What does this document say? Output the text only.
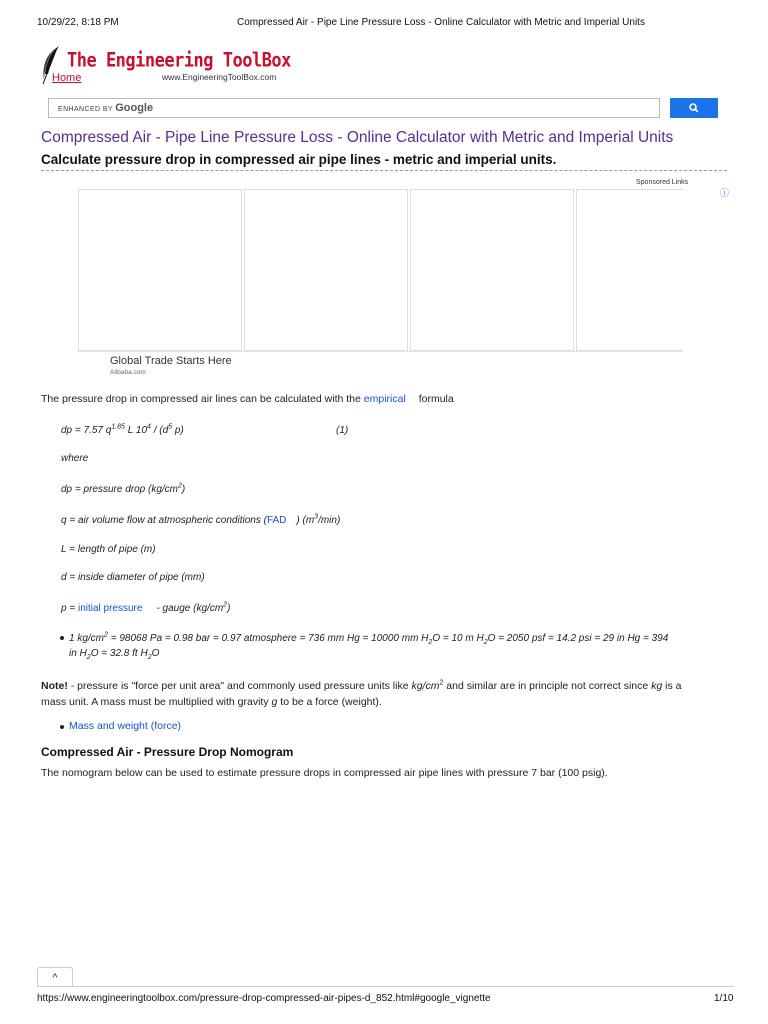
10/29/22, 8:18 PM	Compressed Air - Pipe Line Pressure Loss - Online Calculator with Metric and Imperial Units
The Engineering ToolBox
Home	www.EngineeringToolBox.com
ENHANCED BY Google
Compressed Air - Pipe Line Pressure Loss - Online Calculator with Metric and Imperial Units
Calculate pressure drop in compressed air pipe lines - metric and imperial units.
Sponsored Links
ⓘ
Global Trade Starts Here
Alibaba.com
The pressure drop in compressed air lines can be calculated with the empirical formula
dp = 7.57 $q^{1.85}$ L $10^4 / (d^5$ p)	(1)
where
dp = pressure drop $(kg/cm^2)$
q = air volume flow at atmospheric conditions (FAD ) $(m^3/\min)$
L = length of pipe (m)
d = inside diameter of pipe (mm)
p = initial pressure - gauge $(kg/cm^2)$
1 $kg/cm^2 = 98068$ Pa = 0.98 bar = 0.97 atmosphere = 736 mm Hg = 10000 mm $H_2O = 10$ m $H_2O = 2050$ psf = 14.2 psi = 29 in Hg = 394
in $H_2O = 32.8$ ft $H_2O$
Note! - pressure is "force per unit area" and commonly used pressure units like $kg/cm^2$ and similar are in principle not correct since kg is a
mass unit. A mass must be multiplied with gravity g to be a force (weight).
Mass and weight (force)
Compressed Air - Pressure Drop Nomogram
The nomogram below can be used to estimate pressure drops in compressed air pipe lines with pressure 7 bar (100 psig).
^
https://www.engineeringtoolbox.com/pressure-drop-compressed-air-pipes-d_852.html#google_vignette	1/10
